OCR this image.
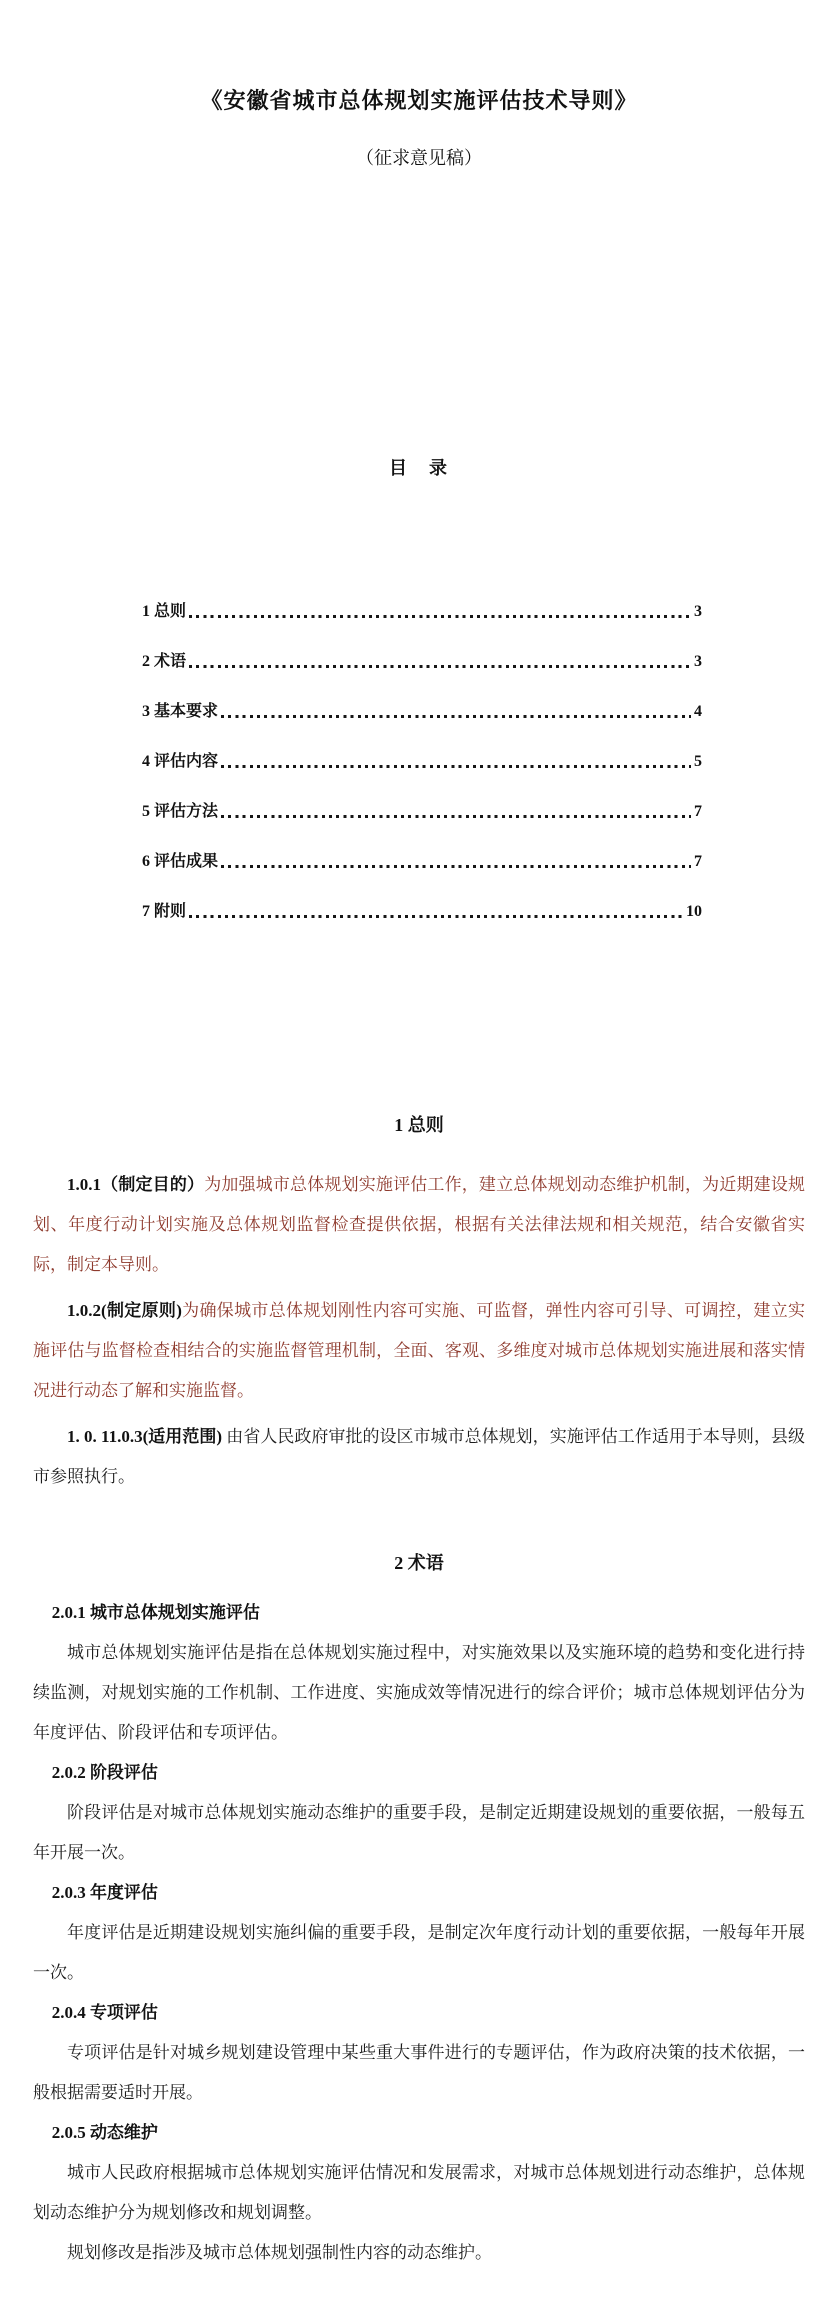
《安徽省城市总体规划实施评估技术导则》
（征求意见稿）
目　录
1 总则	3
2 术语	3
3 基本要求	4
4 评估内容	5
5 评估方法	7
6 评估成果	7
7 附则	10
1 总则

1.0.1（制定目的）为加强城市总体规划实施评估工作，建立总体规划动态维护机制，为近期建设规划、年度行动计划实施及总体规划监督检查提供依据，根据有关法律法规和相关规范，结合安徽省实际，制定本导则。

1.0.2(制定原则)为确保城市总体规划刚性内容可实施、可监督，弹性内容可引导、可调控，建立实施评估与监督检查相结合的实施监督管理机制，全面、客观、多维度对城市总体规划实施进展和落实情况进行动态了解和实施监督。

1. 0. 11.0.3(适用范围) 由省人民政府审批的设区市城市总体规划，实施评估工作适用于本导则，县级市参照执行。

2 术语

2.0.1 城市总体规划实施评估

城市总体规划实施评估是指在总体规划实施过程中，对实施效果以及实施环境的趋势和变化进行持续监测，对规划实施的工作机制、工作进度、实施成效等情况进行的综合评价；城市总体规划评估分为年度评估、阶段评估和专项评估。

2.0.2 阶段评估

阶段评估是对城市总体规划实施动态维护的重要手段，是制定近期建设规划的重要依据，一般每五年开展一次。

2.0.3 年度评估

年度评估是近期建设规划实施纠偏的重要手段，是制定次年度行动计划的重要依据，一般每年开展一次。

2.0.4 专项评估

专项评估是针对城乡规划建设管理中某些重大事件进行的专题评估，作为政府决策的技术依据，一般根据需要适时开展。

2.0.5 动态维护

城市人民政府根据城市总体规划实施评估情况和发展需求，对城市总体规划进行动态维护，总体规划动态维护分为规划修改和规划调整。

规划修改是指涉及城市总体规划强制性内容的动态维护。
